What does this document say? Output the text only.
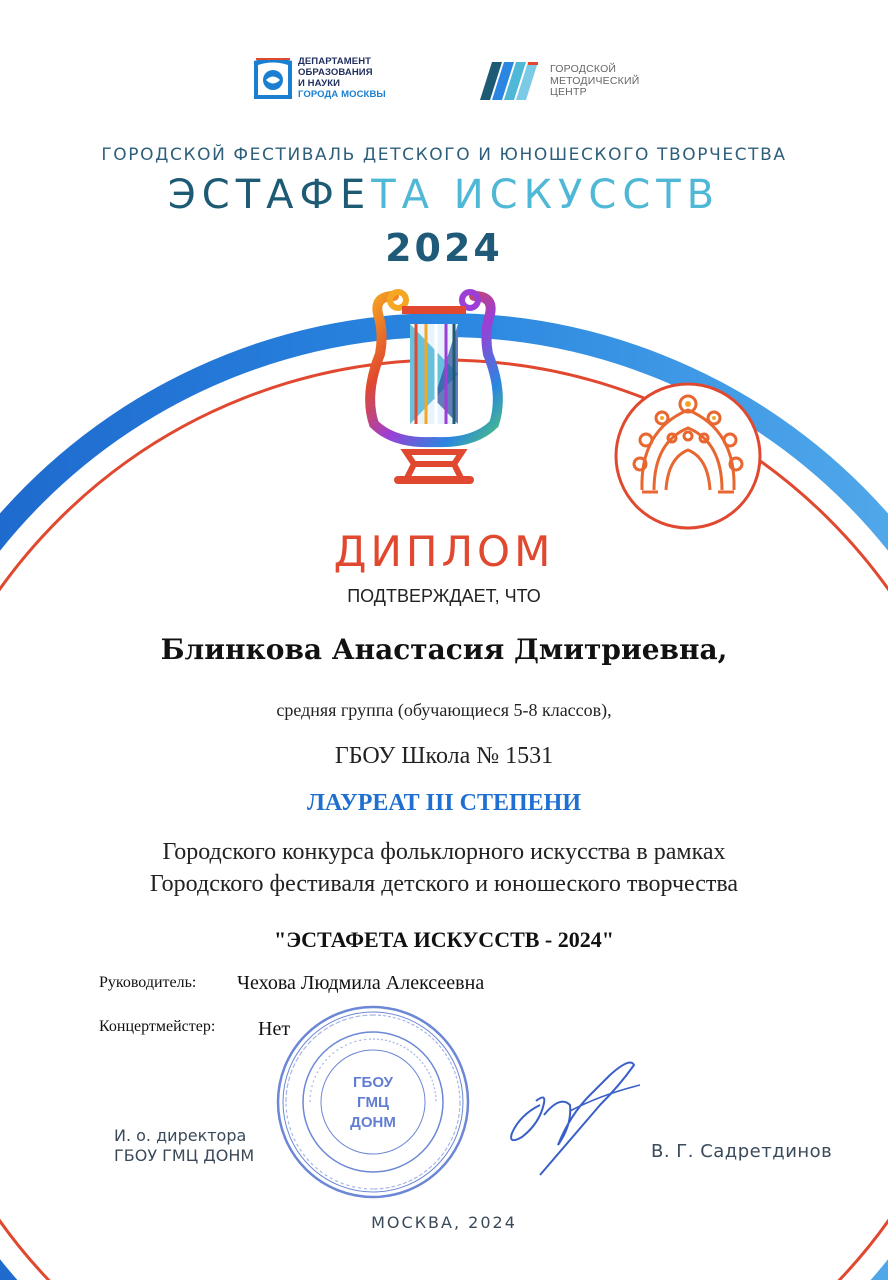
ДЕПАРТАМЕНТ
ОБРАЗОВАНИЯ
И НАУКИ
ГОРОДА МОСКВЫ
ГОРОДСКОЙ
МЕТОДИЧЕСКИЙ
ЦЕНТР
ГОРОДСКОЙ ФЕСТИВАЛЬ ДЕТСКОГО И ЮНОШЕСКОГО ТВОРЧЕСТВА
ЭСТАФЕТА ИСКУССТВ
2024
ДИПЛОМ
ПОДТВЕРЖДАЕТ, ЧТО
Блинкова Анастасия Дмитриевна,
средняя группа (обучающиеся 5-8 классов),
ГБОУ Школа № 1531
ЛАУРЕАТ III СТЕПЕНИ
Городского конкурса фольклорного искусства в рамках
Городского фестиваля детского и юношеского творчества
"ЭСТАФЕТА ИСКУССТВ - 2024"
Руководитель: Чехова Людмила Алексеевна
Концертмейстер: Нет
ГБОУ
ГМЦ
ДОНМ
И. о. директора
ГБОУ ГМЦ ДОНМ	В. Г. Садретдинов
МОСКВА, 2024
